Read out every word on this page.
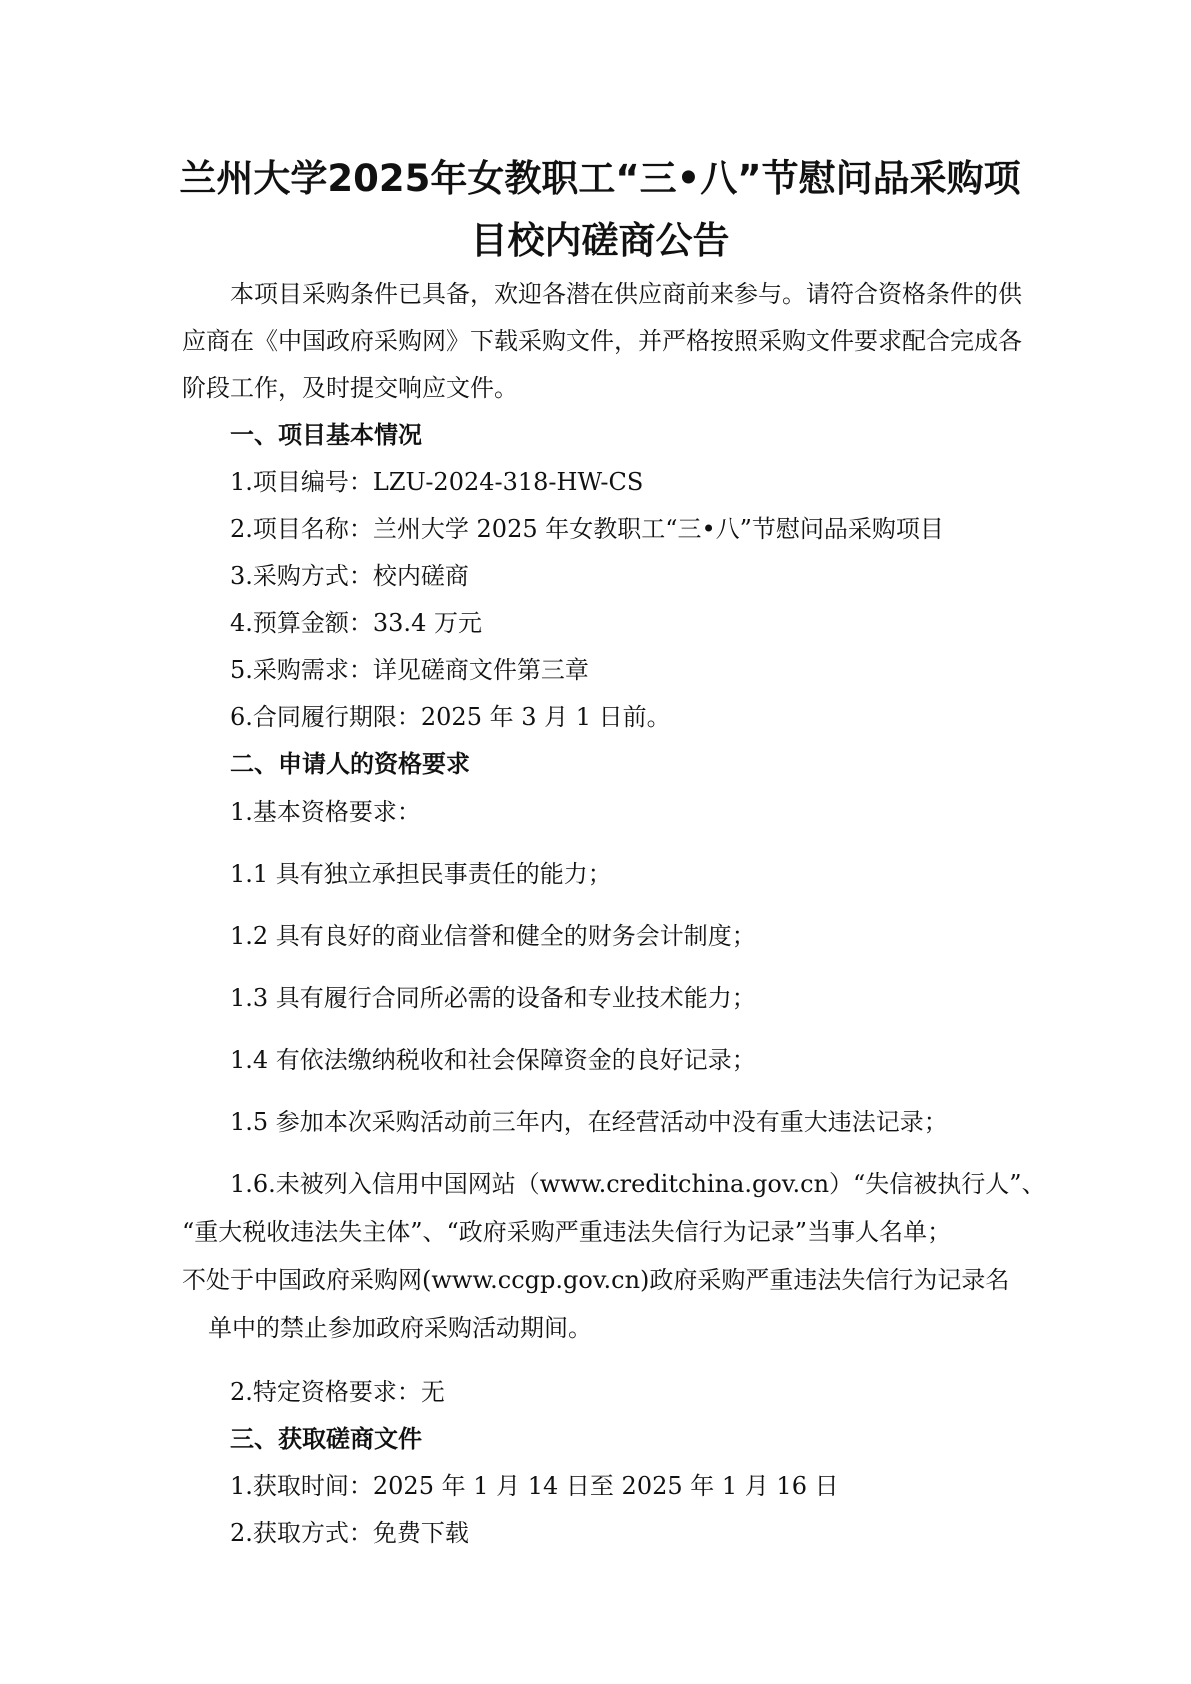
兰州大学2025年女教职工“三•八”节慰问品采购项
目校内磋商公告
本项目采购条件已具备，欢迎各潜在供应商前来参与。请符合资格条件的供
应商在《中国政府采购网》下载采购文件，并严格按照采购文件要求配合完成各
阶段工作，及时提交响应文件。
一、项目基本情况
1.项目编号：LZU-2024-318-HW-CS
2.项目名称：兰州大学 2025 年女教职工“三•八”节慰问品采购项目
3.采购方式：校内磋商
4.预算金额：33.4 万元
5.采购需求：详见磋商文件第三章
6.合同履行期限：2025 年 3 月 1 日前。
二、申请人的资格要求
1.基本资格要求：
1.1 具有独立承担民事责任的能力；
1.2 具有良好的商业信誉和健全的财务会计制度；
1.3 具有履行合同所必需的设备和专业技术能力；
1.4 有依法缴纳税收和社会保障资金的良好记录；
1.5 参加本次采购活动前三年内，在经营活动中没有重大违法记录；
1.6.未被列入信用中国网站（www.creditchina.gov.cn）“失信被执行人”、
“重大税收违法失主体”、“政府采购严重违法失信行为记录”当事人名单；
不处于中国政府采购网(www.ccgp.gov.cn)政府采购严重违法失信行为记录名
单中的禁止参加政府采购活动期间。
2.特定资格要求：无
三、获取磋商文件
1.获取时间：2025 年 1 月 14 日至 2025 年 1 月 16 日
2.获取方式：免费下载
